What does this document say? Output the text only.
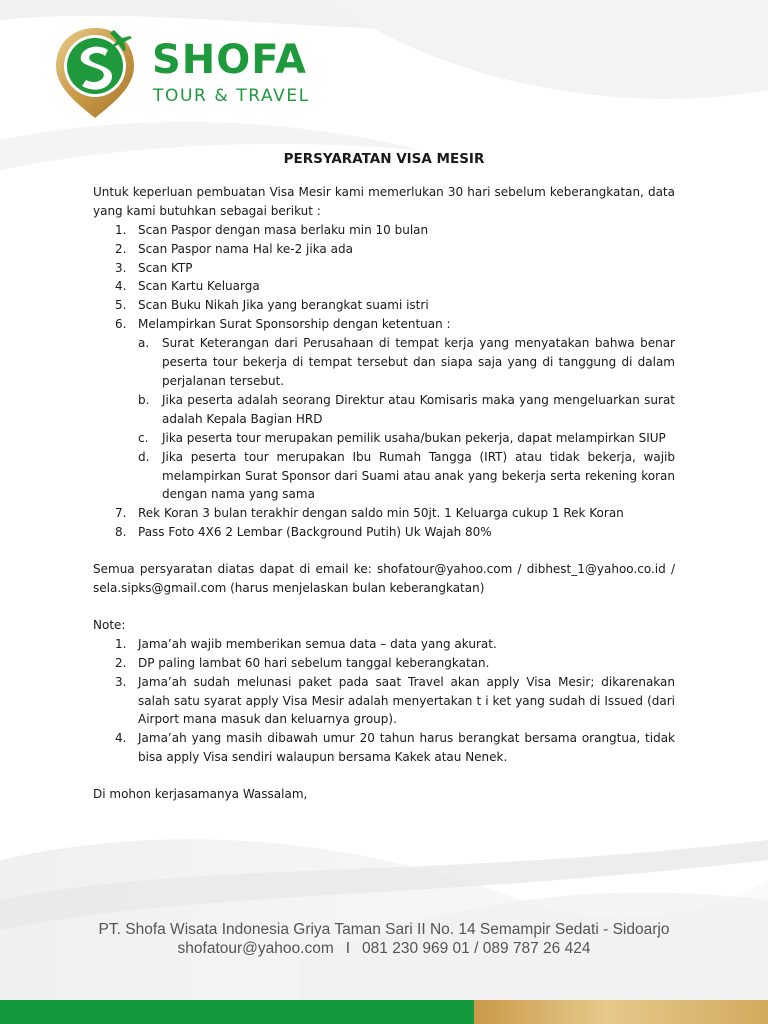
SHOFA
TOUR & TRAVEL
PERSYARATAN VISA MESIR

Untuk keperluan pembuatan Visa Mesir kami memerlukan 30 hari sebelum keberangkatan, data yang kami butuhkan sebagai berikut :

1. Scan Paspor dengan masa berlaku min 10 bulan
2. Scan Paspor nama Hal ke-2 jika ada
3. Scan KTP
4. Scan Kartu Keluarga
5. Scan Buku Nikah Jika yang berangkat suami istri
6. Melampirkan Surat Sponsorship dengan ketentuan :
a. Surat Keterangan dari Perusahaan di tempat kerja yang menyatakan bahwa benar peserta tour bekerja di tempat tersebut dan siapa saja yang di tanggung di dalam perjalanan tersebut.
b. Jika peserta adalah seorang Direktur atau Komisaris maka yang mengeluarkan surat adalah Kepala Bagian HRD
c. Jika peserta tour merupakan pemilik usaha/bukan pekerja, dapat melampirkan SIUP
d. Jika peserta tour merupakan Ibu Rumah Tangga (IRT) atau tidak bekerja, wajib melampirkan Surat Sponsor dari Suami atau anak yang bekerja serta rekening koran dengan nama yang sama
7. Rek Koran 3 bulan terakhir dengan saldo min 50jt. 1 Keluarga cukup 1 Rek Koran
8. Pass Foto 4X6 2 Lembar (Background Putih) Uk Wajah 80%

Semua persyaratan diatas dapat di email ke: shofatour@yahoo.com / dibhest_1@yahoo.co.id / sela.sipks@gmail.com (harus menjelaskan bulan keberangkatan)

Note:

1. Jama’ah wajib memberikan semua data – data yang akurat.
2. DP paling lambat 60 hari sebelum tanggal keberangkatan.
3. Jama’ah sudah melunasi paket pada saat Travel akan apply Visa Mesir; dikarenakan salah satu syarat apply Visa Mesir adalah menyertakan t i ket yang sudah di Issued (dari Airport mana masuk dan keluarnya group).
4. Jama’ah yang masih dibawah umur 20 tahun harus berangkat bersama orangtua, tidak bisa apply Visa sendiri walaupun bersama Kakek atau Nenek.

Di mohon kerjasamanya Wassalam,

PT. Shofa Wisata Indonesia Griya Taman Sari II No. 14 Semampir Sedati - Sidoarjo
shofatour@yahoo.com I 081 230 969 01 / 089 787 26 424
